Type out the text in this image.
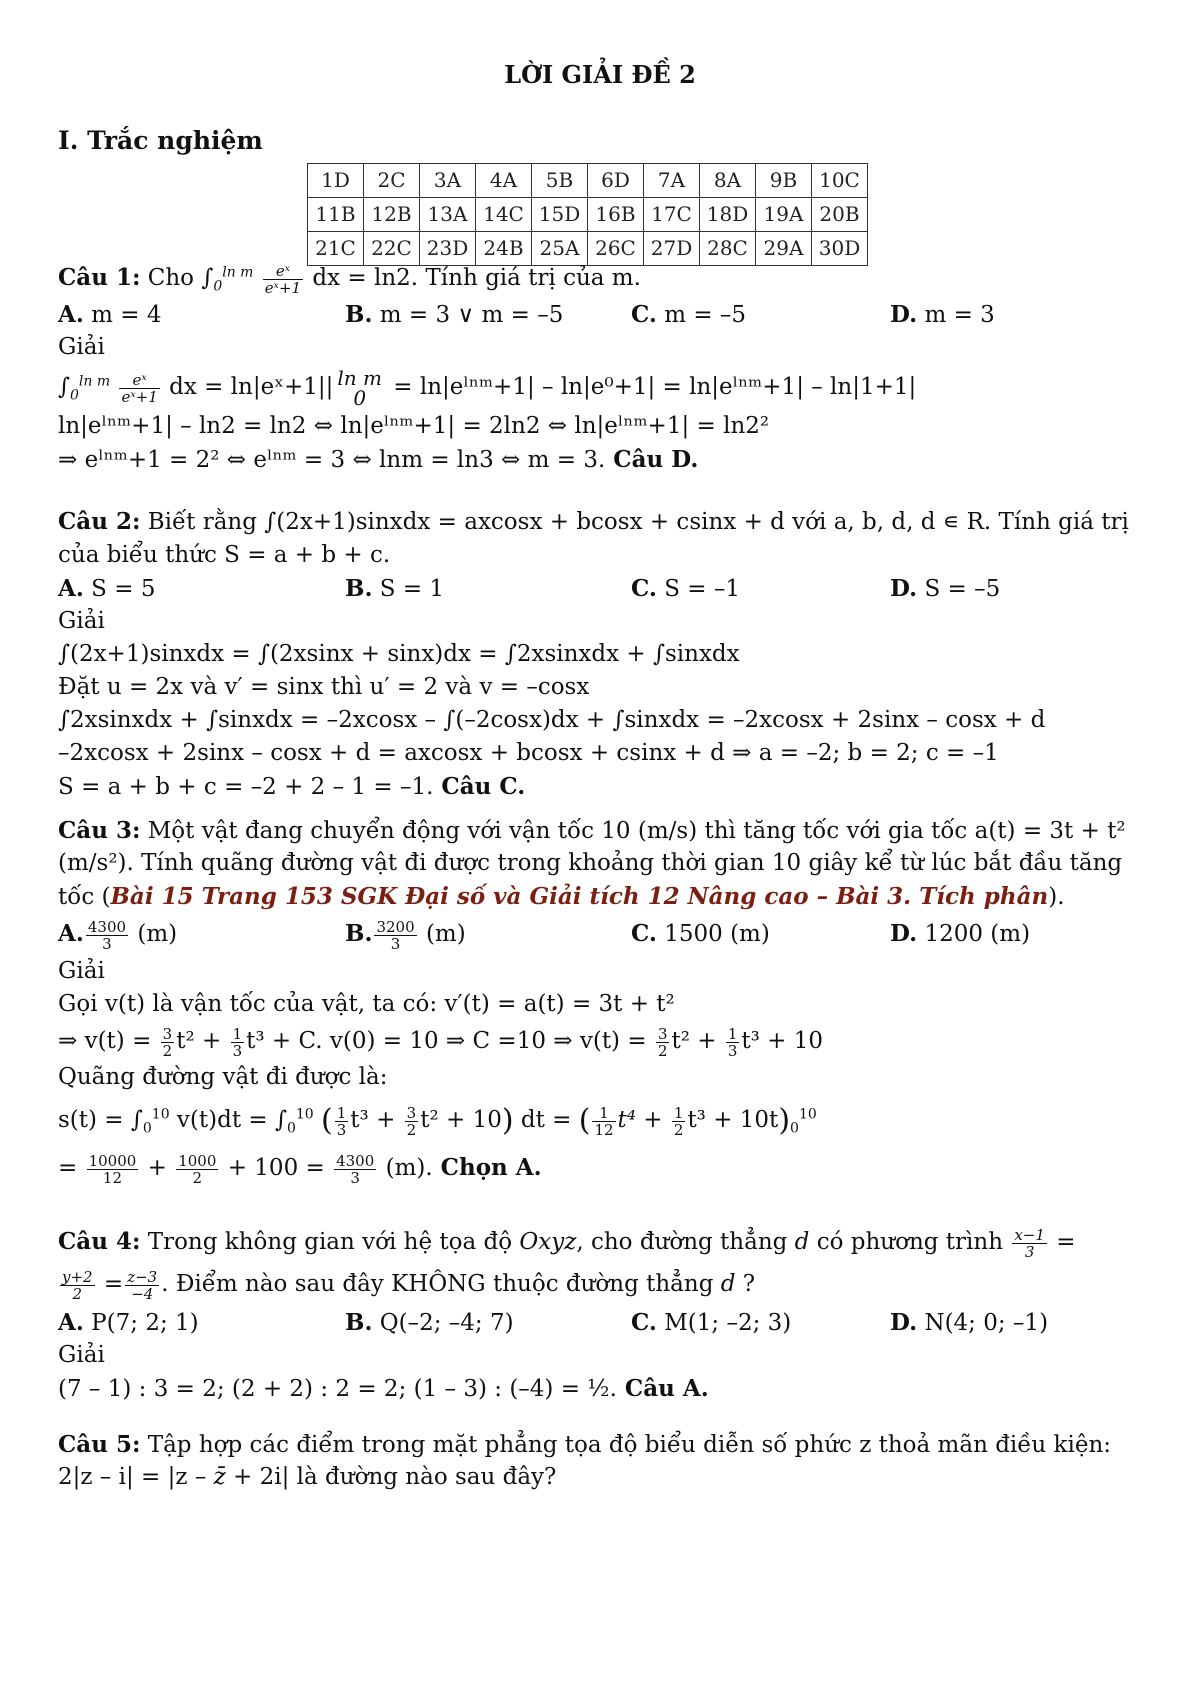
LỜI GIẢI ĐỀ 2
I. Trắc nghiệm
1D	2C	3A	4A	5B	6D	7A	8A	9B	10C
11B	12B	13A	14C	15D	16B	17C	18D	19A	20B
21C	22C	23D	24B	25A	26C	27D	28C	29A	30D
Câu 1: Cho $\int_0^{ln m} \frac{\text{eˣ}}{\text{eˣ+1}}$ dx = ln2. Tính giá trị của m.
A. m = 4	B. m = 3 ∨ m = –5	C. m = –5	D. m = 3
Giải
$\int_0^{ln m} \frac{\text{eˣ}}{\text{eˣ+1}}$ dx = ln|eˣ+1|| ln m
0 = ln|eˡⁿᵐ+1| – ln|e⁰+1| = ln|eˡⁿᵐ+1| – ln|1+1|
ln|eˡⁿᵐ+1| – ln2 = ln2 ⇔ ln|eˡⁿᵐ+1| = 2ln2 ⇔ ln|eˡⁿᵐ+1| = ln2²
⇒ eˡⁿᵐ+1 = 2² ⇔ eˡⁿᵐ = 3 ⇔ lnm = ln3 ⇔ m = 3. Câu D.
Câu 2: Biết rằng ∫(2x+1)sinxdx = axcosx + bcosx + csinx + d với a, b, d, d ∊ R. Tính giá trị của biểu thức S = a + b + c.
A. S = 5	B. S = 1	C. S = –1	D. S = –5
Giải
∫(2x+1)sinxdx = ∫(2xsinx + sinx)dx = ∫2xsinxdx + ∫sinxdx
Đặt u = 2x và v′ = sinx thì u′ = 2 và v = –cosx
∫2xsinxdx + ∫sinxdx = –2xcosx – ∫(–2cosx)dx + ∫sinxdx = –2xcosx + 2sinx – cosx + d
–2xcosx + 2sinx – cosx + d = axcosx + bcosx + csinx + d ⇒ a = –2; b = 2; c = –1
S = a + b + c = –2 + 2 – 1 = –1. Câu C.
Câu 3: Một vật đang chuyển động với vận tốc 10 (m/s) thì tăng tốc với gia tốc a(t) = 3t + t²
(m/s²). Tính quãng đường vật đi được trong khoảng thời gian 10 giây kể từ lúc bắt đầu tăng
tốc (Bài 15 Trang 153 SGK Đại số và Giải tích 12 Nâng cao – Bài 3. Tích phân).
A. $\frac{4300}{3} (m)$	B. $\frac{3200}{3} (m)$	C. 1500 (m)	D. 1200 (m)
Giải
Gọi v(t) là vận tốc của vật, ta có: v′(t) = a(t) = 3t + t²
⇒ $v(t) = \frac{3}{2} t^2 + \frac{1}{3} t^3 + C$. v(0) = 10 ⇒ C =10 ⇒ $v(t) = \frac{3}{2} t^2 + \frac{1}{3} t^3 + 10$
Quãng đường vật đi được là:
$s(t) = \int_0^{10}$ $v(t)dt = \int_0^{10}$ ( $\frac{1}{3} t^3 + \frac{3}{2} t^2 + 10$) dt = ( $\frac{1}{12} t^4 + \frac{1}{2} t^3 + 10t)_0^{10}$
= $\frac{10000}{12} + \frac{1000}{2} + 100 = \frac{4300}{3} (m)$. Chọn A.
Câu 4: Trong không gian với hệ tọa độ Oxyz, cho đường thẳng d có phương trình $\frac{x-1}{3}$ =
$\frac{y+2}{2} = \frac{z-3}{-4}$ . Điểm nào sau đây KHÔNG thuộc đường thẳng d ?
A. P(7; 2; 1)	B. Q(–2; –4; 7)	C. M(1; –2; 3)	D. N(4; 0; –1)
Giải
(7 – 1) : 3 = 2; (2 + 2) : 2 = 2; (1 – 3) : (–4) = ½. Câu A.
Câu 5: Tập hợp các điểm trong mặt phẳng tọa độ biểu diễn số phức z thoả mãn điều kiện:
2|z – i| = |z – z̄ + 2i| là đường nào sau đây?
